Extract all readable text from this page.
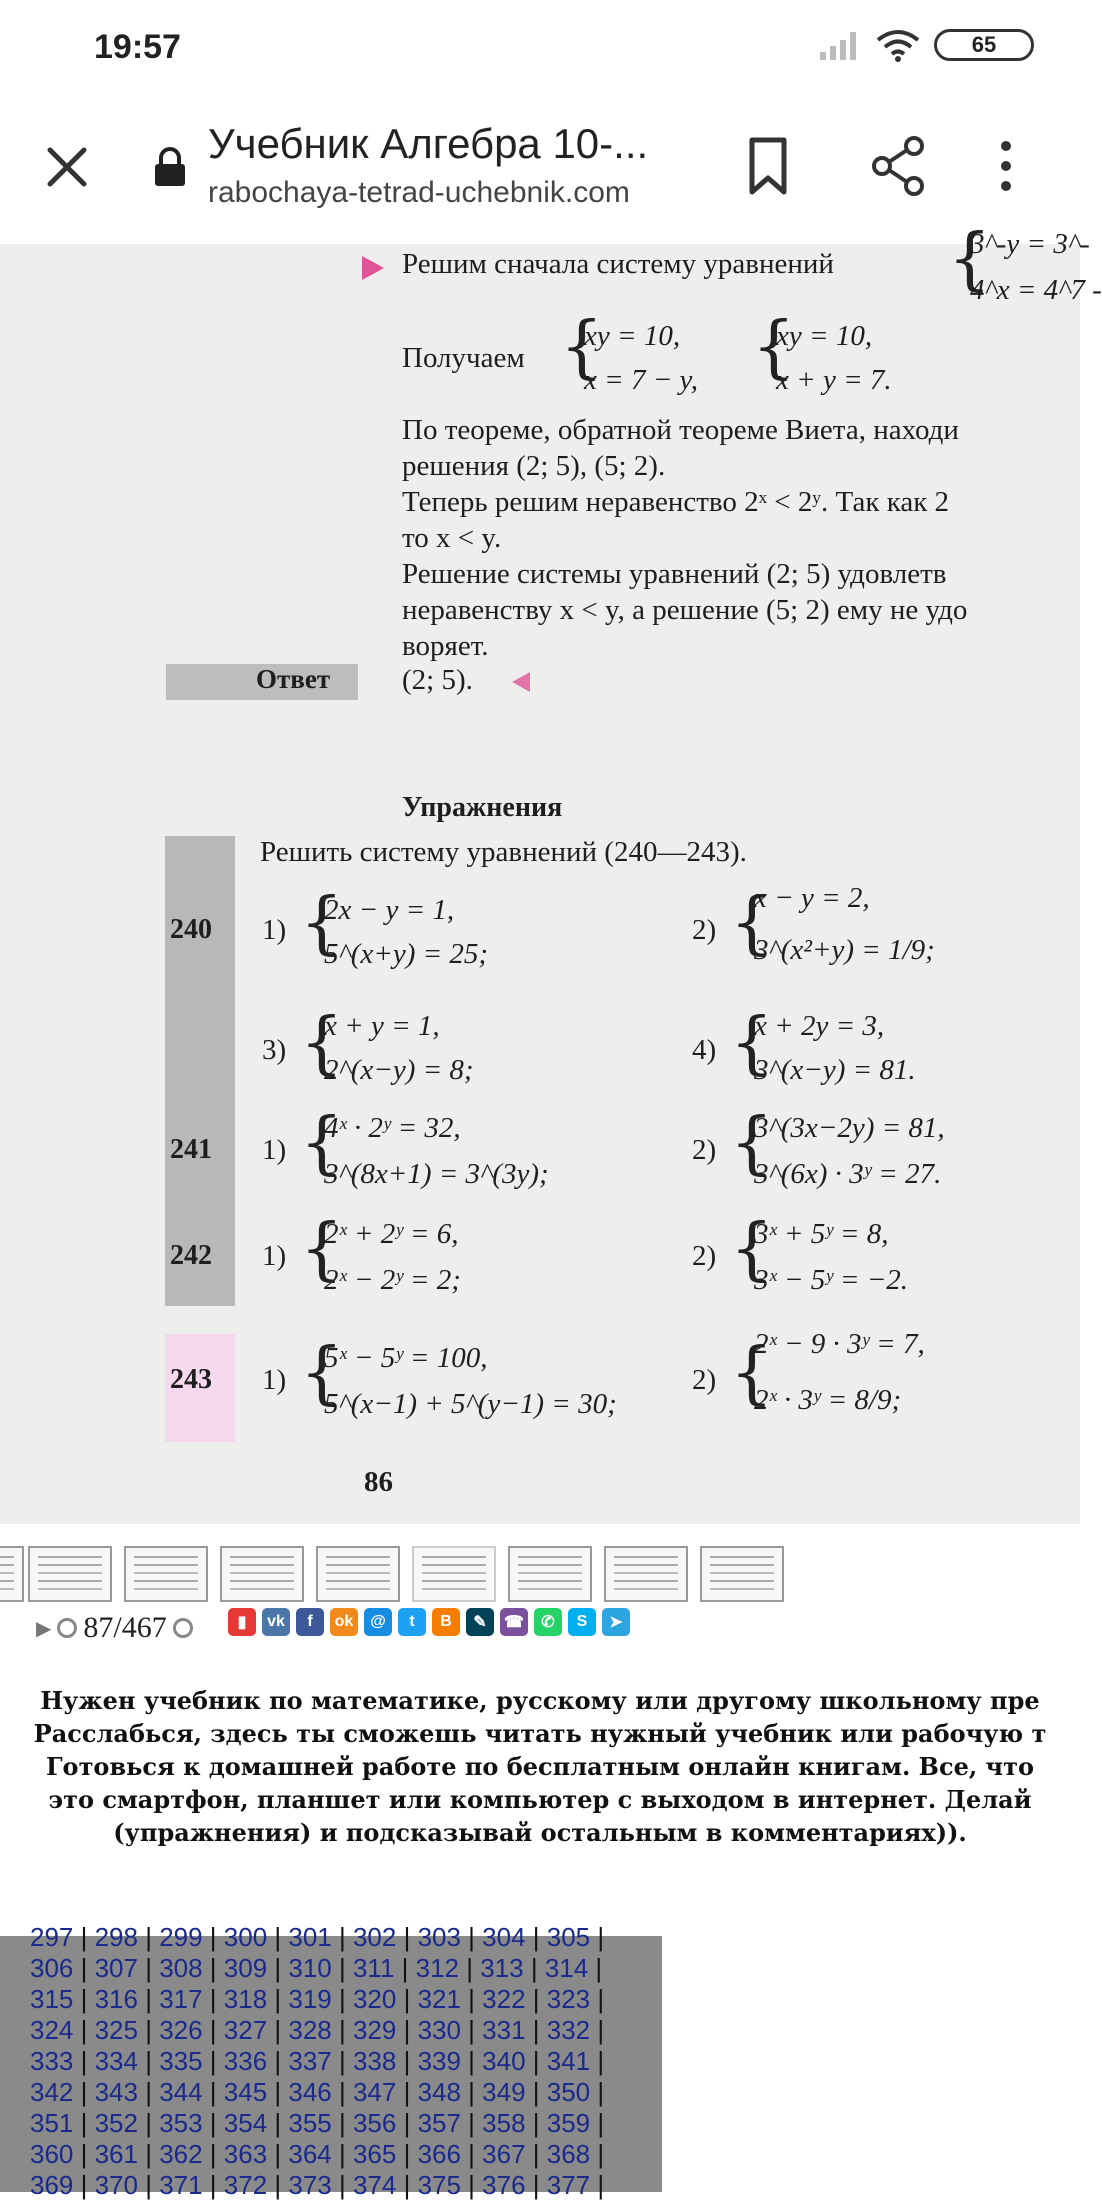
19:57	65
Учебник Алгебра 10-...
rabochaya-tetrad-uchebnik.com
Решим сначала систему уравнений {
3^-y = 3^-
4^x = 4^7 -
Получаем {
xy = 10,
x = 7 − y, {
xy = 10,
x + y = 7.
По теореме, обратной теореме Виета, находи
решения (2; 5), (5; 2).
Теперь решим неравенство 2ˣ < 2ʸ. Так как 2
то x < y.
Решение системы уравнений (2; 5) удовлетв
неравенству x < y, а решение (5; 2) ему не удо
воряет.
Ответ (2; 5).
Упражнения
Решить систему уравнений (240—243).
240 1) {
2x − y = 1,
5^(x+y) = 25;
2) {
x − y = 2,
3^(x²+y) = 1/9;
3) {
x + y = 1,
2^(x−y) = 8;
4) {
x + 2y = 3,
3^(x−y) = 81.
241 1) {
4ˣ · 2ʸ = 32,
3^(8x+1) = 3^(3y);
2) {
3^(3x−2y) = 81,
3^(6x) · 3ʸ = 27.
242 1) {
2ˣ + 2ʸ = 6,
2ˣ − 2ʸ = 2;
2) {
3ˣ + 5ʸ = 8,
3ˣ − 5ʸ = −2.
243 1) {
5ˣ − 5ʸ = 100,
5^(x−1) + 5^(y−1) = 30;
2) {
2ˣ − 9 · 3ʸ = 7,
2ˣ · 3ʸ = 8/9;
86
▶ 87/467	▮	vk	f	ok	@	t	B	✎	☎	✆	S	➤
Нужен учебник по математике, русскому или другому школьному пре
Расслабься, здесь ты сможешь читать нужный учебник или рабочую т
Готовься к домашней работе по бесплатным онлайн книгам. Все, что
это смартфон, планшет или компьютер с выходом в интернет. Делай
(упражнения) и подсказывай остальным в комментариях)).
297 | 298 | 299 | 300 | 301 | 302 | 303 | 304 | 305 |
306 | 307 | 308 | 309 | 310 | 311 | 312 | 313 | 314 |
315 | 316 | 317 | 318 | 319 | 320 | 321 | 322 | 323 |
324 | 325 | 326 | 327 | 328 | 329 | 330 | 331 | 332 |
333 | 334 | 335 | 336 | 337 | 338 | 339 | 340 | 341 |
342 | 343 | 344 | 345 | 346 | 347 | 348 | 349 | 350 |
351 | 352 | 353 | 354 | 355 | 356 | 357 | 358 | 359 |
360 | 361 | 362 | 363 | 364 | 365 | 366 | 367 | 368 |
369 | 370 | 371 | 372 | 373 | 374 | 375 | 376 | 377 |
